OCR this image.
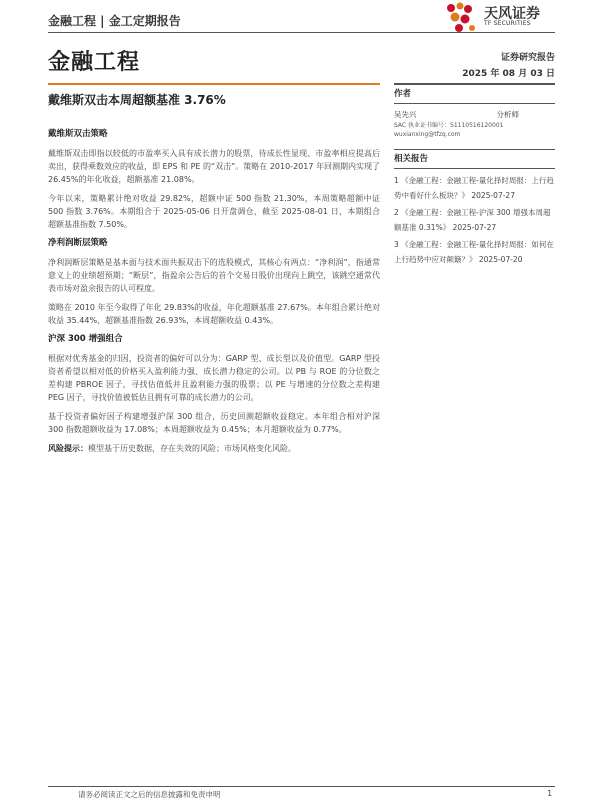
金融工程 | 金工定期报告	天风证券
TF SECURITIES
金融工程	证券研究报告
2025 年 08 月 03 日
戴维斯双击本周超额基准 3.76%
戴维斯双击策略
戴维斯双击即指以较低的市盈率买入具有成长潜力的股票，待成长性显现、市盈率相应提高后卖出，获得乘数效应的收益，即 EPS 和 PE 的“双击”。策略在 2010-2017 年回测期内实现了 26.45%的年化收益，超额基准 21.08%。
今年以来，策略累计绝对收益 29.82%，超额中证 500 指数 21.30%，本周策略超额中证 500 指数 3.76%。本期组合于 2025-05-06 日开盘调仓，截至 2025-08-01 日，本期组合超额基准指数 7.50%。
净利润断层策略
净利润断层策略是基本面与技术面共振双击下的选股模式，其核心有两点：“净利润”，指通常意义上的业绩超预期；“断层”，指盈余公告后的首个交易日股价出现向上跳空，该跳空通常代表市场对盈余报告的认可程度。
策略在 2010 年至今取得了年化 29.83%的收益，年化超额基准 27.67%。本年组合累计绝对收益 35.44%，超额基准指数 26.93%，本周超额收益 0.43%。
沪深 300 增强组合
根据对优秀基金的归因，投资者的偏好可以分为：GARP 型、成长型以及价值型。GARP 型投资者希望以相对低的价格买入盈利能力强、成长潜力稳定的公司。以 PB 与 ROE 的分位数之差构建 PBROE 因子，寻找估值低并且盈利能力强的股票；以 PE 与增速的分位数之差构建 PEG 因子，寻找价值被低估且拥有可靠的成长潜力的公司。
基于投资者偏好因子构建增强沪深 300 组合，历史回测超额收益稳定。本年组合相对沪深 300 指数超额收益为 17.08%；本周超额收益为 0.45%；本月超额收益为 0.77%。
风险提示：模型基于历史数据，存在失效的风险；市场风格变化风险。
作者
吴先兴	分析师
SAC 执业证书编号：S1110516120001
wuxianxing@tfzq.com
相关报告
1 《金融工程：金融工程-量化择时周报：上行趋势中看好什么板块？》 2025-07-27
2 《金融工程：金融工程-沪深 300 增强本周超额基准 0.31%》 2025-07-27
3 《金融工程：金融工程-量化择时周报：如何在上行趋势中应对颠簸？》 2025-07-20
请务必阅读正文之后的信息披露和免责申明	1
